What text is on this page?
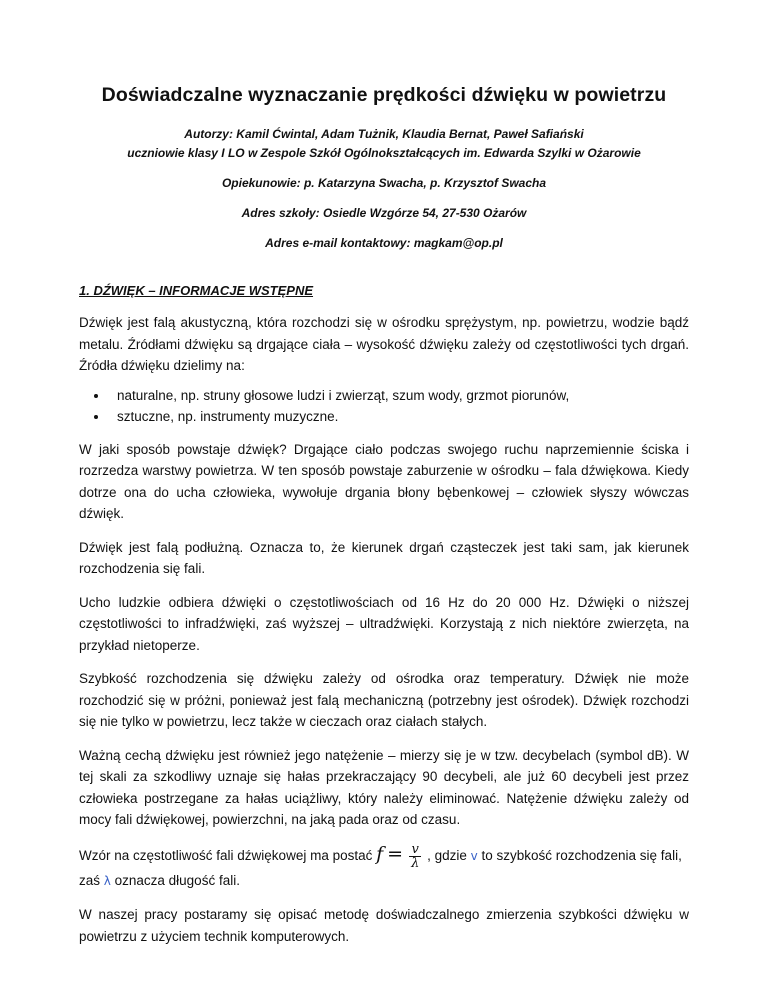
Doświadczalne wyznaczanie prędkości dźwięku w powietrzu

Autorzy: Kamil Ćwintal, Adam Tużnik, Klaudia Bernat, Paweł Safiański

uczniowie klasy I LO w Zespole Szkół Ogólnokształcących im. Edwarda Szylki w Ożarowie

Opiekunowie: p. Katarzyna Swacha, p. Krzysztof Swacha

Adres szkoły: Osiedle Wzgórze 54, 27-530 Ożarów

Adres e-mail kontaktowy: magkam@op.pl

1. DŹWIĘK – INFORMACJE WSTĘPNE

Dźwięk jest falą akustyczną, która rozchodzi się w ośrodku sprężystym, np. powietrzu, wodzie bądź metalu. Źródłami dźwięku są drgające ciała – wysokość dźwięku zależy od częstotliwości tych drgań. Źródła dźwięku dzielimy na:

• naturalne, np. struny głosowe ludzi i zwierząt, szum wody, grzmot piorunów,
• sztuczne, np. instrumenty muzyczne.

W jaki sposób powstaje dźwięk? Drgające ciało podczas swojego ruchu naprzemiennie ściska i rozrzedza warstwy powietrza. W ten sposób powstaje zaburzenie w ośrodku – fala dźwiękowa. Kiedy dotrze ona do ucha człowieka, wywołuje drgania błony bębenkowej – człowiek słyszy wówczas dźwięk.

Dźwięk jest falą podłużną. Oznacza to, że kierunek drgań cząsteczek jest taki sam, jak kierunek rozchodzenia się fali.

Ucho ludzkie odbiera dźwięki o częstotliwościach od 16 Hz do 20 000 Hz. Dźwięki o niższej częstotliwości to infradźwięki, zaś wyższej – ultradźwięki. Korzystają z nich niektóre zwierzęta, na przykład nietoperze.

Szybkość rozchodzenia się dźwięku zależy od ośrodka oraz temperatury. Dźwięk nie może rozchodzić się w próżni, ponieważ jest falą mechaniczną (potrzebny jest ośrodek). Dźwięk rozchodzi się nie tylko w powietrzu, lecz także w cieczach oraz ciałach stałych.

Ważną cechą dźwięku jest również jego natężenie – mierzy się je w tzw. decybelach (symbol dB). W tej skali za szkodliwy uznaje się hałas przekraczający 90 decybeli, ale już 60 decybeli jest przez człowieka postrzegane za hałas uciążliwy, który należy eliminować. Natężenie dźwięku zależy od mocy fali dźwiękowej, powierzchni, na jaką pada oraz od czasu.

Wzór na częstotliwość fali dźwiękowej ma postać $f = \frac{v}{\lambda}$ , gdzie v to szybkość rozchodzenia się fali, zaś λ oznacza długość fali.

W naszej pracy postaramy się opisać metodę doświadczalnego zmierzenia szybkości dźwięku w powietrzu z użyciem technik komputerowych.
